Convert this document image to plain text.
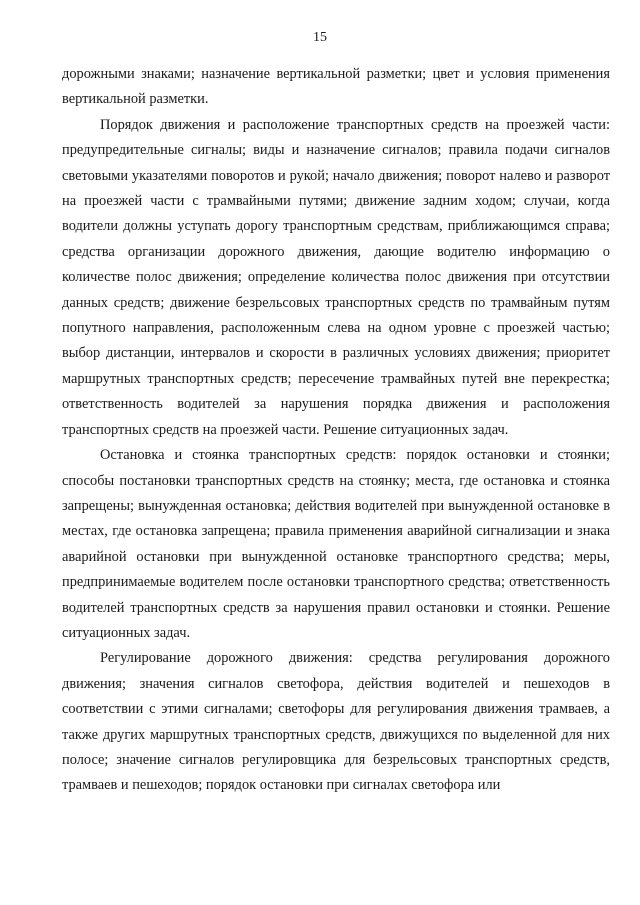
15

дорожными знаками; назначение вертикальной разметки; цвет и условия применения вертикальной разметки.

Порядок движения и расположение транспортных средств на проезжей части: предупредительные сигналы; виды и назначение сигналов; правила подачи сигналов световыми указателями поворотов и рукой; начало движения; поворот налево и разворот на проезжей части с трамвайными путями; движение задним ходом; случаи, когда водители должны уступать дорогу транспортным средствам, приближающимся справа; средства организации дорожного движения, дающие водителю информацию о количестве полос движения; определение количества полос движения при отсутствии данных средств; движение безрельсовых транспортных средств по трамвайным путям попутного направления, расположенным слева на одном уровне с проезжей частью; выбор дистанции, интервалов и скорости в различных условиях движения; приоритет маршрутных транспортных средств; пересечение трамвайных путей вне перекрестка; ответственность водителей за нарушения порядка движения и расположения транспортных средств на проезжей части. Решение ситуационных задач.

Остановка и стоянка транспортных средств: порядок остановки и стоянки; способы постановки транспортных средств на стоянку; места, где остановка и стоянка запрещены; вынужденная остановка; действия водителей при вынужденной остановке в местах, где остановка запрещена; правила применения аварийной сигнализации и знака аварийной остановки при вынужденной остановке транспортного средства; меры, предпринимаемые водителем после остановки транспортного средства; ответственность водителей транспортных средств за нарушения правил остановки и стоянки. Решение ситуационных задач.

Регулирование дорожного движения: средства регулирования дорожного движения; значения сигналов светофора, действия водителей и пешеходов в соответствии с этими сигналами; светофоры для регулирования движения трамваев, а также других маршрутных транспортных средств, движущихся по выделенной для них полосе; значение сигналов регулировщика для безрельсовых транспортных средств, трамваев и пешеходов; порядок остановки при сигналах светофора или
